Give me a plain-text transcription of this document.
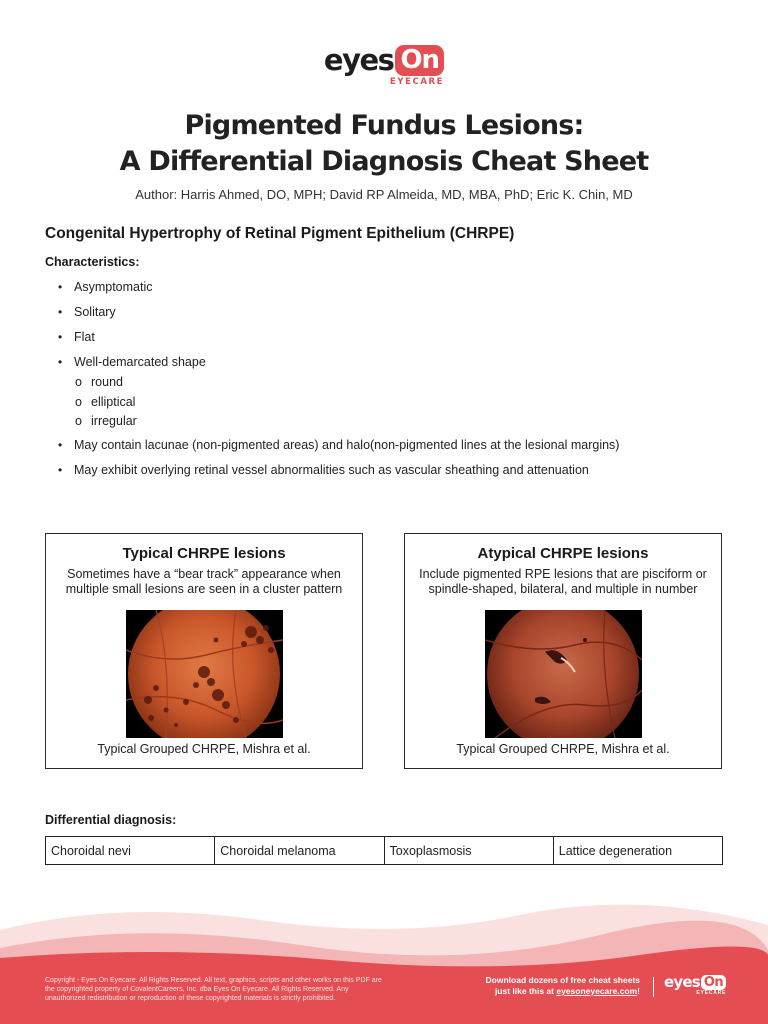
eyes On
EYECARE
Pigmented Fundus Lesions:
A Differential Diagnosis Cheat Sheet
Author: Harris Ahmed, DO, MPH; David RP Almeida, MD, MBA, PhD; Eric K. Chin, MD
Congenital Hypertrophy of Retinal Pigment Epithelium (CHRPE)
Characteristics:
• Asymptomatic
• Solitary
• Flat
• Well-demarcated shape
o round
o elliptical
o irregular
• May contain lacunae (non-pigmented areas) and halo(non-pigmented lines at the lesional margins)
• May exhibit overlying retinal vessel abnormalities such as vascular sheathing and attenuation
Typical CHRPE lesions
Sometimes have a “bear track” appearance when multiple small lesions are seen in a cluster pattern
Typical Grouped CHRPE, Mishra et al.
Atypical CHRPE lesions
Include pigmented RPE lesions that are pisciform or spindle-shaped, bilateral, and multiple in number
Typical Grouped CHRPE, Mishra et al.
Differential diagnosis:
Choroidal nevi	Choroidal melanoma	Toxoplasmosis	Lattice degeneration
Copyright - Eyes On Eyecare. All Rights Reserved. All text, graphics, scripts and other works on this PDF are the copyrighted property of CovalentCareers, Inc. dba Eyes On Eyecare. All Rights Reserved. Any unauthorized redistribution or reproduction of these copyrighted materials is strictly prohibited.
Download dozens of free cheat sheets
just like this at eyesoneyecare.com! eyes On
EYECARE
